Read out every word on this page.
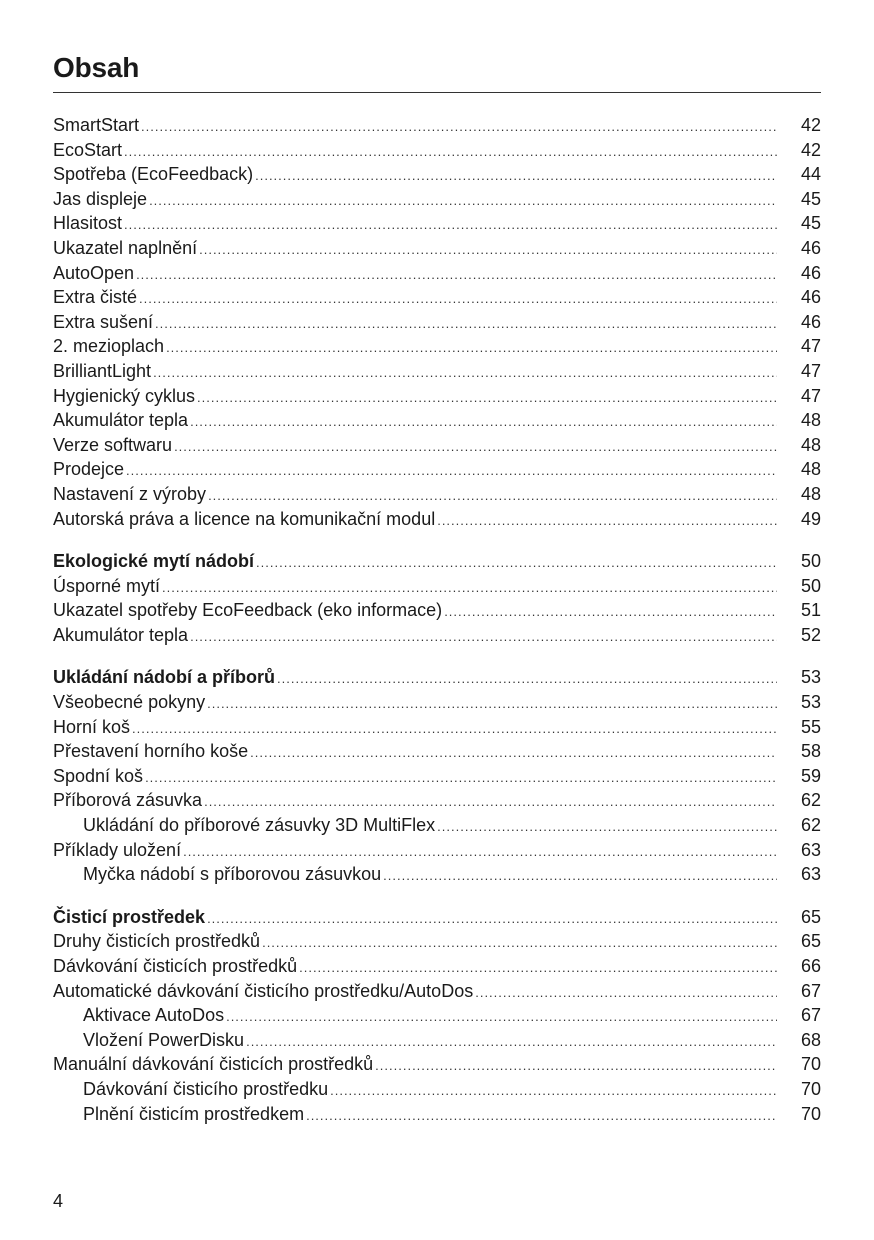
Obsah
SmartStart .....	42
EcoStart .....	42
Spotřeba (EcoFeedback) .....	44
Jas displeje .....	45
Hlasitost .....	45
Ukazatel naplnění .....	46
AutoOpen .....	46
Extra čisté .....	46
Extra sušení .....	46
2. mezioplach .....	47
BrilliantLight .....	47
Hygienický cyklus .....	47
Akumulátor tepla .....	48
Verze softwaru .....	48
Prodejce .....	48
Nastavení z výroby .....	48
Autorská práva a licence na komunikační modul .....	49
Ekologické mytí nádobí .....	50
Úsporné mytí .....	50
Ukazatel spotřeby EcoFeedback (eko informace) .....	51
Akumulátor tepla .....	52
Ukládání nádobí a příborů .....	53
Všeobecné pokyny .....	53
Horní koš .....	55
Přestavení horního koše .....	58
Spodní koš .....	59
Příborová zásuvka .....	62
Ukládání do příborové zásuvky 3D MultiFlex .....	62
Příklady uložení .....	63
Myčka nádobí s příborovou zásuvkou .....	63
Čisticí prostředek .....	65
Druhy čisticích prostředků .....	65
Dávkování čisticích prostředků .....	66
Automatické dávkování čisticího prostředku/AutoDos .....	67
Aktivace AutoDos .....	67
Vložení PowerDisku .....	68
Manuální dávkování čisticích prostředků .....	70
Dávkování čisticího prostředku .....	70
Plnění čisticím prostředkem .....	70
4
